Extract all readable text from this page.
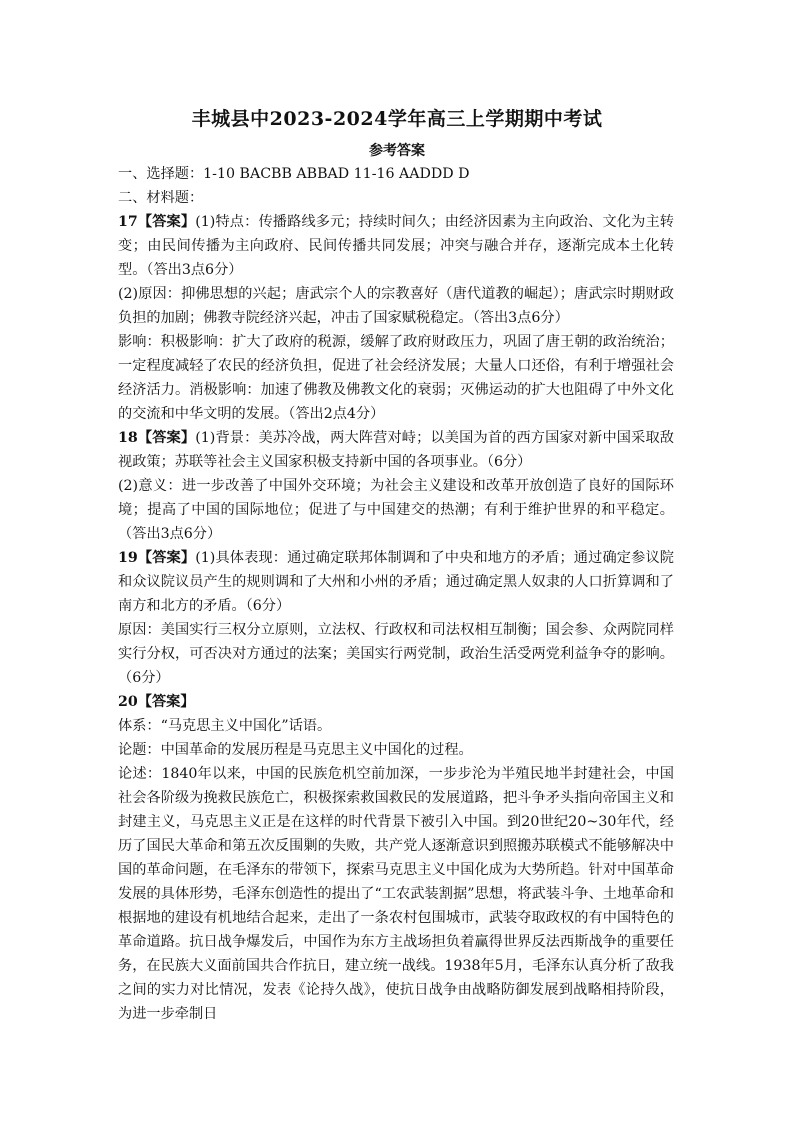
丰城县中2023-2024学年高三上学期期中考试
参考答案

一、选择题：1-10 BACBB ABBAD 11-16 AADDD D

二、材料题：

17【答案】(1)特点：传播路线多元；持续时间久；由经济因素为主向政治、文化为主转变；由民间传播为主向政府、民间传播共同发展；冲突与融合并存，逐渐完成本土化转型。（答出3点6分）

(2)原因：抑佛思想的兴起；唐武宗个人的宗教喜好（唐代道教的崛起）；唐武宗时期财政负担的加剧；佛教寺院经济兴起，冲击了国家赋税稳定。（答出3点6分）

影响：积极影响：扩大了政府的税源，缓解了政府财政压力，巩固了唐王朝的政治统治；一定程度减轻了农民的经济负担，促进了社会经济发展；大量人口还俗，有利于增强社会经济活力。消极影响：加速了佛教及佛教文化的衰弱；灭佛运动的扩大也阻碍了中外文化的交流和中华文明的发展。（答出2点4分）

18【答案】(1)背景：美苏冷战，两大阵营对峙；以美国为首的西方国家对新中国采取敌视政策；苏联等社会主义国家积极支持新中国的各项事业。（6分）

(2)意义：进一步改善了中国外交环境；为社会主义建设和改革开放创造了良好的国际环境；提高了中国的国际地位；促进了与中国建交的热潮；有利于维护世界的和平稳定。（答出3点6分）

19【答案】(1)具体表现：通过确定联邦体制调和了中央和地方的矛盾；通过确定参议院和众议院议员产生的规则调和了大州和小州的矛盾；通过确定黑人奴隶的人口折算调和了南方和北方的矛盾。（6分）

原因：美国实行三权分立原则，立法权、行政权和司法权相互制衡；国会参、众两院同样实行分权，可否决对方通过的法案；美国实行两党制，政治生活受两党利益争夺的影响。（6分）

20【答案】

体系：“马克思主义中国化”话语。

论题：中国革命的发展历程是马克思主义中国化的过程。

论述：1840年以来，中国的民族危机空前加深，一步步沦为半殖民地半封建社会，中国社会各阶级为挽救民族危亡，积极探索救国救民的发展道路，把斗争矛头指向帝国主义和封建主义，马克思主义正是在这样的时代背景下被引入中国。到20世纪20~30年代，经历了国民大革命和第五次反围剿的失败，共产党人逐渐意识到照搬苏联模式不能够解决中国的革命问题，在毛泽东的带领下，探索马克思主义中国化成为大势所趋。针对中国革命发展的具体形势，毛泽东创造性的提出了“工农武装割据”思想，将武装斗争、土地革命和根据地的建设有机地结合起来，走出了一条农村包围城市，武装夺取政权的有中国特色的革命道路。抗日战争爆发后，中国作为东方主战场担负着赢得世界反法西斯战争的重要任务，在民族大义面前国共合作抗日，建立统一战线。1938年5月，毛泽东认真分析了敌我之间的实力对比情况，发表《论持久战》，使抗日战争由战略防御发展到战略相持阶段，为进一步牵制日
